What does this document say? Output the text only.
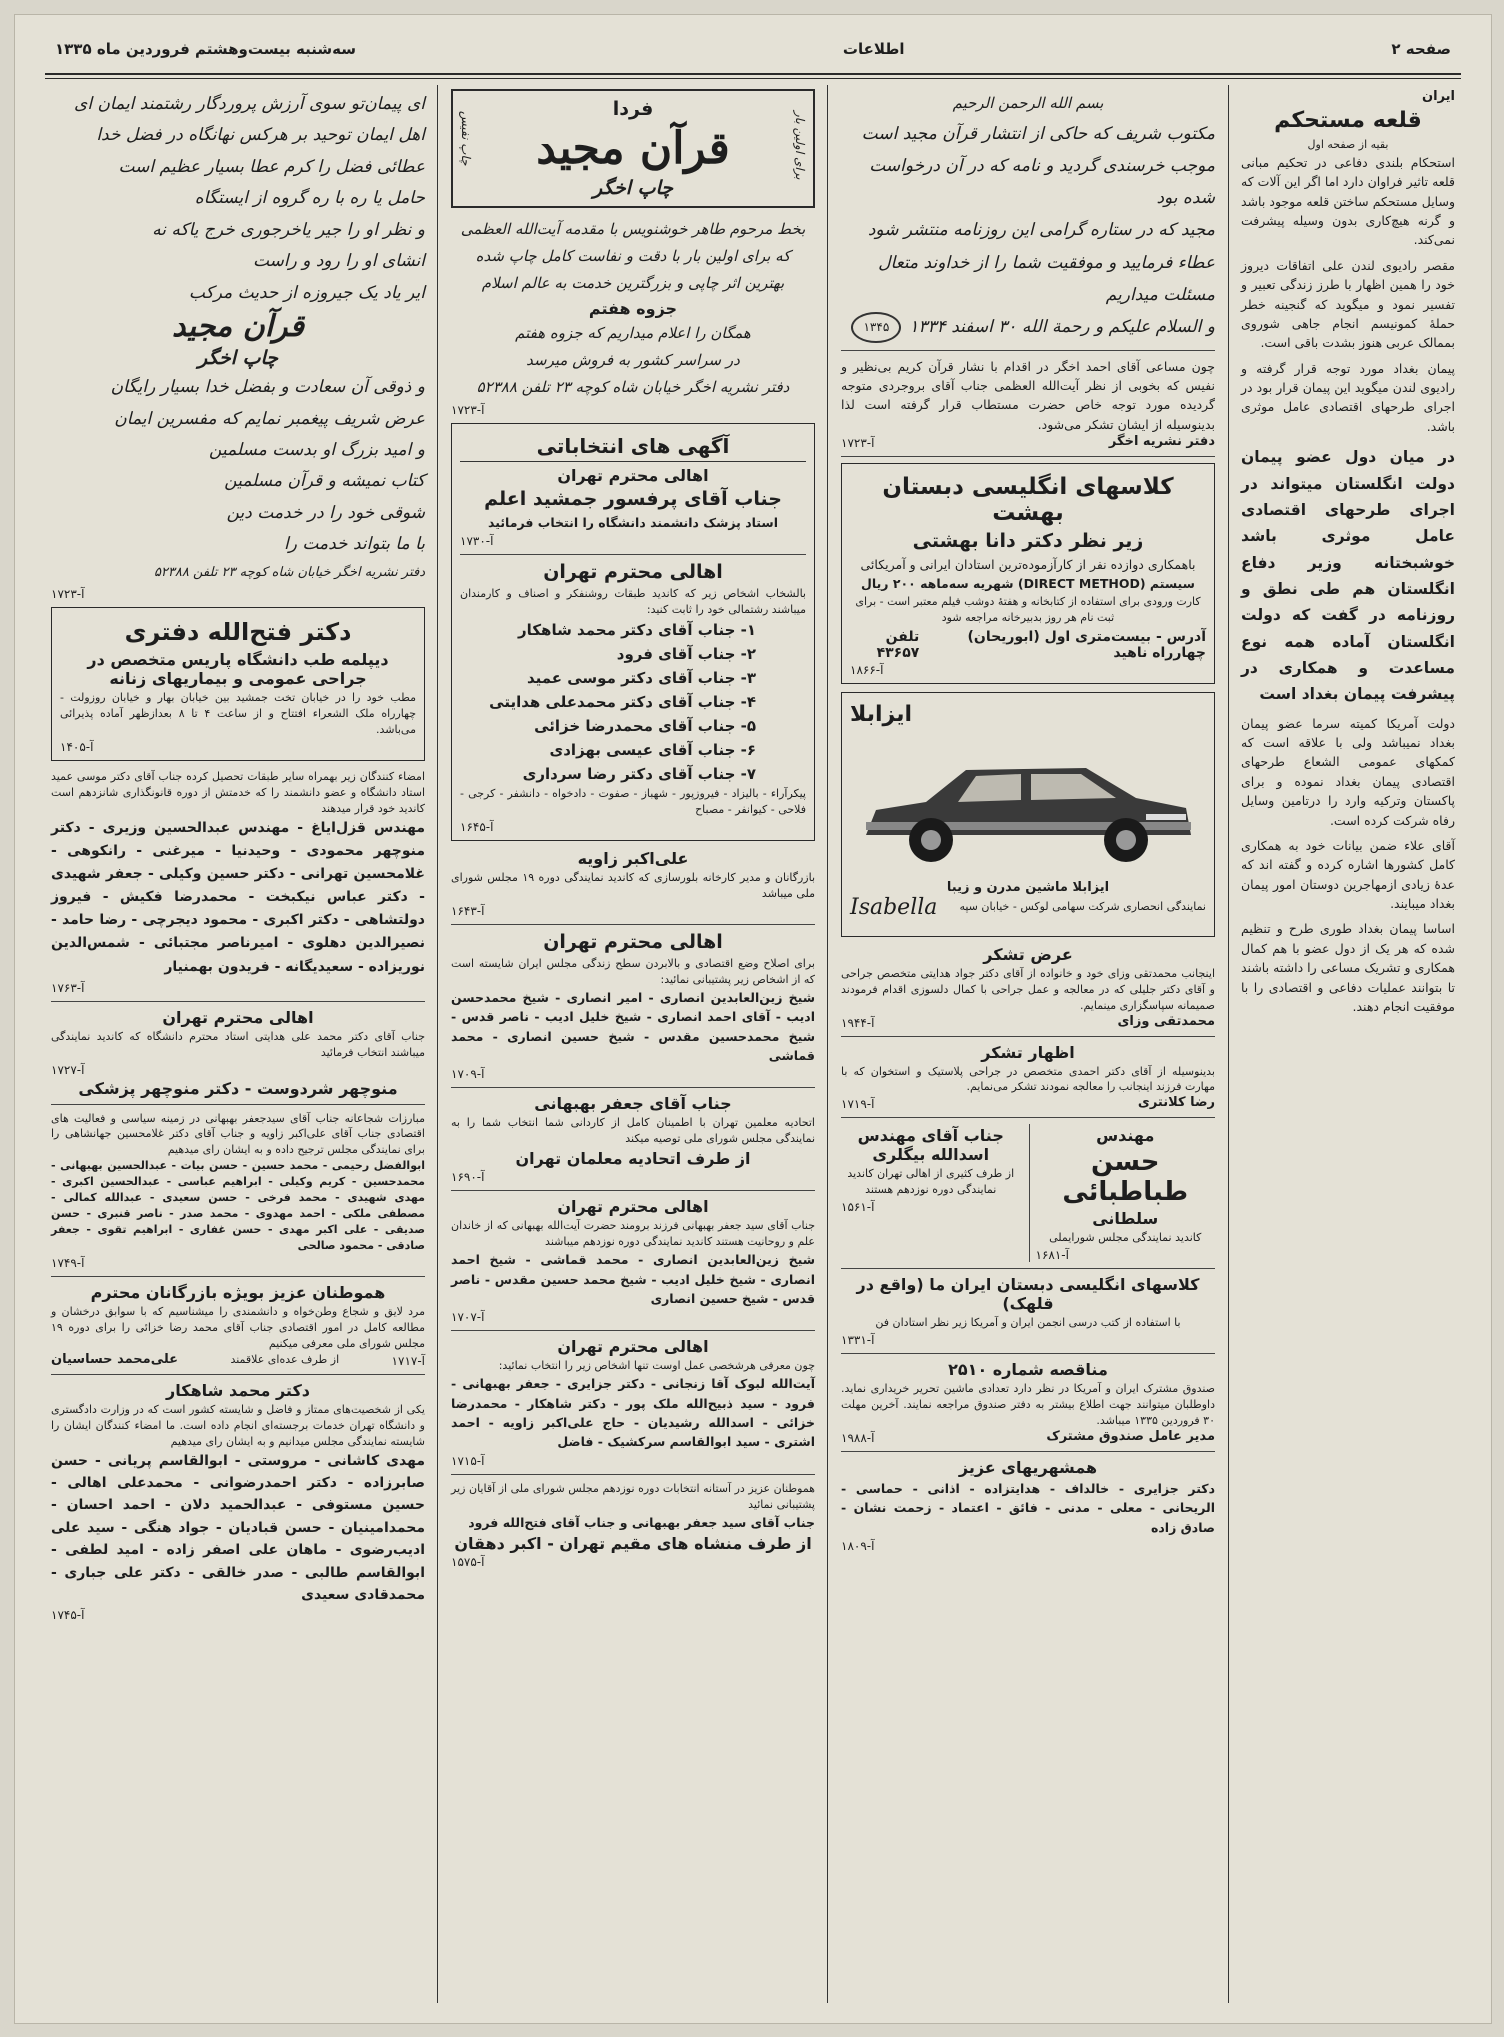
صفحه ۲
اطلاعات
سه‌شنبه بیست‌وهشتم فروردین ماه ۱۳۳۵
ایران
قلعه مستحکم
بقیه از صفحه اول

استحکام بلندی دفاعی در تحکیم مبانی قلعه تاثیر فراوان دارد اما اگر این آلات که وسایل مستحکم ساختن قلعه موجود باشد و گرنه هیچ‌کاری بدون وسیله پیشرفت نمی‌کند.

مقصر رادیوی لندن علی اتفاقات دیروز خود را همین اظهار با طرز زندگی تعبیر و تفسیر نمود و میگوید که گنجینه خطر حملۀ کمونیسم انجام جاهی شوروی بممالک عربی هنوز بشدت باقی است.

پیمان بغداد مورد توجه قرار گرفته و رادیوی لندن میگوید این پیمان قرار بود در اجرای طرحهای اقتصادی عامل موثری باشد.

در میان دول عضو پیمان دولت انگلستان میتواند در اجرای طرحهای اقتصادی عامل موثری باشد خوشبختانه وزیر دفاع انگلستان هم طی نطق و روزنامه در گفت که دولت انگلستان آماده همه نوع مساعدت و همکاری در پیشرفت پیمان بغداد است

دولت آمریکا کمیته سرما عضو پیمان بغداد نمیباشد ولی با علاقه است که کمکهای عمومی الشعاع طرحهای اقتصادی پیمان بغداد نموده و برای پاکستان وترکیه وارد را درتامین وسایل رفاه شرکت کرده است.

آقای علاء ضمن بیانات خود به همکاری کامل کشورها اشاره کرده و گفته اند که عدهٔ زیادی ازمهاجرین دوستان امور پیمان بغداد میبایند.

اساسا پیمان بغداد طوری طرح و تنظیم شده که هر یک از دول عضو با هم کمال همکاری و تشریک مساعی را داشته باشند تا بتوانند عملیات دفاعی و اقتصادی را با موفقیت انجام دهند.

بسم الله الرحمن الرحیم
مکتوب شریف که حاکی از انتشار قرآن مجید است
موجب خرسندی گردید و نامه که در آن درخواست شده بود
مجید که در ستاره گرامی این روزنامه منتشر شود
عطاء فرمایید و موفقیت شما را از خداوند متعال
مسئلت میداریم
و السلام علیکم و رحمة الله ۳۰ اسفند ۱۳۳۴
۱۳۴۵

چون مساعی آقای احمد اخگر در اقدام با نشار قرآن کریم بی‌نظیر و نفیس که بخوبی از نظر آیت‌الله العظمی جناب آقای بروجردی متوجه گردیده مورد توجه خاص حضرت مستطاب قرار گرفته است لذا بدینوسیله از ایشان تشکر می‌شود.

دفتر نشریه اخگر
آ-۱۷۲۳
کلاسهای انگلیسی دبستان بهشت
زیر نظر دکتر دانا بهشتی
باهمکاری دوازده نفر از کارآزموده‌ترین استادان ایرانی و آمریکائی
سیستم (DIRECT METHOD) شهریه سه‌ماهه ۲۰۰ ریال
کارت ورودی برای استفاده از کتابخانه و هفتهٔ دوشب فیلم معتبر است - برای ثبت نام هر روز بدبیرخانه مراجعه شود
آدرس - بیست‌متری اول (ابوریحان) چهارراه ناهید
تلفن ۴۳۶۵۷
آ-۱۸۶۶
ایزابلا
ایزابلا ماشین مدرن و زیبا
نمایندگی انحصاری شرکت سهامی لوکس - خیابان سپه
Isabella
عرض تشکر

اینجانب محمدتقی وزای خود و خانواده از آقای دکتر جواد هدایتی متخصص جراحی و آقای دکتر جلیلی که در معالجه و عمل جراحی با کمال دلسوزی اقدام فرمودند صمیمانه سپاسگزاری مینمایم.

محمدتقی وزای
آ-۱۹۴۴
اظهار تشکر

بدینوسیله از آقای دکتر احمدی متخصص در جراحی پلاستیک و استخوان که با مهارت فرزند اینجانب را معالجه نمودند تشکر می‌نمایم.

رضا کلانتری
آ-۱۷۱۹
مهندس
حسن طباطبائی
سلطانی
کاندید نمایندگی مجلس شورایملی
آ-۱۶۸۱
جناب آقای مهندس اسدالله بیگلری
از طرف کثیری از اهالی تهران کاندید نمایندگی دوره نوزدهم هستند
آ-۱۵۶۱
کلاسهای انگلیسی دبستان ایران ما (واقع در قلهک)
با استفاده از کتب درسی انجمن ایران و آمریکا زیر نظر استادان فن
آ-۱۳۳۱
مناقصه شماره ۲۵۱۰

صندوق مشترک ایران و آمریکا در نظر دارد تعدادی ماشین تحریر خریداری نماید. داوطلبان میتوانند جهت اطلاع بیشتر به دفتر صندوق مراجعه نمایند. آخرین مهلت ۳۰ فروردین ۱۳۳۵ میباشد.

مدیر عامل صندوق مشترک
آ-۱۹۸۸
همشهریهای عزیز

دکتر جزایری - خالداف - هدایتزاده - اذانی - حماسی - الریحانی - معلی - مدنی - فائق - اعتماد - زحمت نشان - صادق زاده

آ-۱۸۰۹
برای اولین بار
چاپ نفیس
فردا
قرآن مجید
چاپ اخگر
بخط مرحوم طاهر خوشنویس با مقدمه آیت‌الله العظمی
که برای اولین بار با دقت و نفاست کامل چاپ شده
بهترین اثر چاپی و بزرگترین خدمت به عالم اسلام
جزوه هفتم
همگان را اعلام میداریم که جزوه هفتم
در سراسر کشور به فروش میرسد
دفتر نشریه اخگر خیابان شاه کوچه ۲۳ تلفن ۵۲۳۸۸
آ-۱۷۲۳
آگهی های انتخاباتی
اهالی محترم تهران
جناب آقای پرفسور جمشید اعلم
استاد پزشک دانشمند دانشگاه را انتخاب فرمائید
آ-۱۷۳۰
اهالی محترم تهران

بالشخاب اشخاص زیر که کاندید طبقات روشنفکر و اصناف و کارمندان میباشند رشتمالی خود را ثابت کنید:

۱- جناب آقای دکتر محمد شاهکار
۲- جناب آقای فرود
۳- جناب آقای دکتر موسی عمید
۴- جناب آقای دکتر محمدعلی هدایتی
۵- جناب آقای محمدرضا خزائی
۶- جناب آقای عیسی بهزادی
۷- جناب آقای دکتر رضا سرداری

پیکرآراء - بالیزاد - فیروزپور - شهباز - صفوت - دادخواه - دانشفر - کرجی - فلاحی - کیوانفر - مصباح

آ-۱۶۴۵
علی‌اکبر زاویه

بازرگانان و مدیر کارخانه بلورسازی که کاندید نمایندگی دوره ۱۹ مجلس شورای ملی میباشد

آ-۱۶۴۳
اهالی محترم تهران

برای اصلاح وضع اقتصادی و بالابردن سطح زندگی مجلس ایران شایسته است که از اشخاص زیر پشتیبانی نمائید:

شیخ زین‌العابدین انصاری - امیر انصاری - شیخ محمدحسن ادیب - آقای احمد انصاری - شیخ خلیل ادیب - ناصر قدس - شیخ محمدحسین مقدس - شیخ حسین انصاری - محمد قماشی

آ-۱۷۰۹
جناب آقای جعفر بهبهانی

اتحادیه معلمین تهران با اطمینان کامل از کاردانی شما انتخاب شما را به نمایندگی مجلس شورای ملی توصیه میکند

از طرف اتحادیه معلمان تهران
آ-۱۶۹۰
اهالی محترم تهران

جناب آقای سید جعفر بهبهانی فرزند برومند حضرت آیت‌الله بهبهانی که از خاندان علم و روحانیت هستند کاندید نمایندگی دوره نوزدهم میباشند

شیخ زین‌العابدین انصاری - محمد قماشی - شیخ احمد انصاری - شیخ خلیل ادیب - شیخ محمد حسین مقدس - ناصر قدس - شیخ حسین انصاری

آ-۱۷۰۷
اهالی محترم تهران

چون معرفی هرشخصی عمل اوست تنها اشخاص زیر را انتخاب نمائید:

آیت‌الله لبوک آقا زنجانی - دکتر جزایری - جعفر بهبهانی - فرود - سید ذبیح‌الله ملک پور - دکتر شاهکار - محمدرضا خزائی - اسدالله رشیدیان - حاج علی‌اکبر زاویه - احمد اشتری - سید ابوالقاسم سرکشیک - فاضل

آ-۱۷۱۵

هموطنان عزیز در آستانه انتخابات دوره نوزدهم مجلس شورای ملی از آقایان زیر پشتیبانی نمائید

جناب آقای سید جعفر بهبهانی و جناب آقای فتح‌الله فرود

از طرف منشاه های مقیم تهران - اکبر دهقان
آ-۱۵۷۵
ای پیمان‌تو سوی آرزش پروردگار رشتمند ایمان ای
اهل ایمان توحید بر هرکس نهانگاه در فضل خدا
عطائی فضل را کرم عطا بسیار عظیم است
حامل یا ره با ره گروه از ایستگاه
و نظر او را جیر یاخرجوری خرج یاکه نه
انشای او را رود و راست
ایر یاد یک جیروزه از حدیث مرکب
قرآن مجید
چاپ اخگر
و ذوقی آن سعادت و بفضل خدا بسیار رایگان
عرض شریف پیغمبر نمایم که مفسرین ایمان
و امید بزرگ او بدست مسلمین
کتاب نمیشه و قرآن مسلمین
شوقی خود را در خدمت دین
با ما بتواند خدمت را
دفتر نشریه اخگر خیابان شاه کوچه ۲۳ تلفن ۵۲۳۸۸
آ-۱۷۲۳
دکتر فتح‌الله دفتری
دیپلمه طب دانشگاه پاریس متخصص در جراحی عمومی و بیماریهای زنانه

مطب خود را در خیابان تخت جمشید بین خیابان بهار و خیابان روزولت - چهارراه ملک الشعراء افتتاح و از ساعت ۴ تا ۸ بعدازظهر آماده پذیرائی می‌باشد.

آ-۱۴۰۵

امضاء کنندگان زیر بهمراه سایر طبقات تحصیل کرده جناب آقای دکتر موسی عمید استاد دانشگاه و عضو دانشمند را که خدمتش از دوره قانونگذاری شانزدهم است کاندید خود قرار میدهند

مهندس قزل‌ایاغ - مهندس عبدالحسین وزیری - دکتر منوچهر محمودی - وحیدنیا - میرغنی - رانکوهی - غلامحسین تهرانی - دکتر حسین وکیلی - جعفر شهیدی - دکتر عباس نیکبخت - محمدرضا فکیش - فیروز دولتشاهی - دکتر اکبری - محمود دیجرچی - رضا حامد - نصیرالدین دهلوی - امیرناصر مجتبائی - شمس‌الدین نوریزاده - سعیدیگانه - فریدون بهمنیار

آ-۱۷۶۳
اهالی محترم تهران

جناب آقای دکتر محمد علی هدایتی استاد محترم دانشگاه که کاندید نمایندگی میباشند انتخاب فرمائید

آ-۱۷۲۷
منوچهر شردوست - دکتر منوچهر پزشکی

مبارزات شجاعانه جناب آقای سیدجعفر بهبهانی در زمینه سیاسی و فعالیت های اقتصادی جناب آقای علی‌اکبر زاویه و جناب آقای دکتر غلامحسین جهانشاهی را برای نمایندگی مجلس ترجیح داده و به ایشان رای میدهیم

ابوالفضل رحیمی - محمد حسین - حسن بیات - عبدالحسین بهبهانی - محمدحسین - کریم وکیلی - ابراهیم عباسی - عبدالحسین اکبری - مهدی شهیدی - محمد فرخی - حسن سعیدی - عبدالله کمالی - مصطفی ملکی - احمد مهدوی - محمد صدر - ناصر قنبری - حسن صدیقی - علی اکبر مهدی - حسن غفاری - ابراهیم تقوی - جعفر صادقی - محمود صالحی

آ-۱۷۴۹
هموطنان عزیز بویژه بازرگانان محترم

مرد لایق و شجاع وطن‌خواه و دانشمندی را میشناسیم که با سوابق درخشان و مطالعه کامل در امور اقتصادی جناب آقای محمد رضا خزائی را برای دوره ۱۹ مجلس شورای ملی معرفی میکنیم

آ-۱۷۱۷
از طرف عده‌ای علاقمند
علی‌محمد حساسیان
دکتر محمد شاهکار

یکی از شخصیت‌های ممتاز و فاضل و شایسته کشور است که در وزارت دادگستری و دانشگاه تهران خدمات برجسته‌ای انجام داده است. ما امضاء کنندگان ایشان را شایسته نمایندگی مجلس میدانیم و به ایشان رای میدهیم

مهدی کاشانی - مروستی - ابوالقاسم پریانی - حسن صابرزاده - دکتر احمدرضوانی - محمدعلی اهالی - حسین مستوفی - عبدالحمید دلان - احمد احسان - محمدامینیان - حسن قبادیان - جواد هنگی - سید علی ادیب‌رضوی - ماهان علی اصفر زاده - امید لطفی - ابوالقاسم طالبی - صدر خالقی - دکتر علی جباری - محمدقادی سعیدی

آ-۱۷۴۵
